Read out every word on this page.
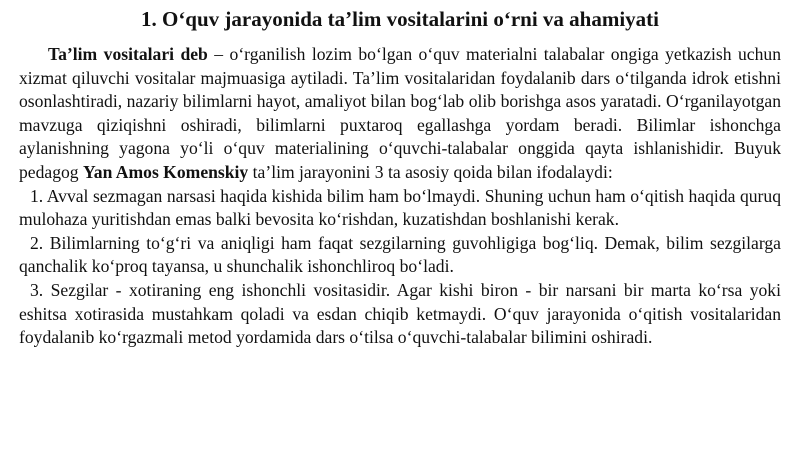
1. O‘quv jarayonida ta’lim vositalarini o‘rni va ahamiyati

Ta’lim vositalari deb – o‘rganilish lozim bo‘lgan o‘quv materialni talabalar ongiga yetkazish uchun xizmat qiluvchi vositalar majmuasiga aytiladi. Ta’lim vositalaridan foydalanib dars o‘tilganda idrok etishni osonlashtiradi, nazariy bilimlarni hayot, amaliyot bilan bog‘lab olib borishga asos yaratadi. O‘rganilayotgan mavzuga qiziqishni oshiradi, bilimlarni puxtaroq egallashga yordam beradi. Bilimlar ishonchga aylanishning yagona yo‘li o‘quv materialining o‘quvchi-talabalar onggida qayta ishlanishidir. Buyuk pedagog Yan Amos Komenskiy ta’lim jarayonini 3 ta asosiy qoida bilan ifodalaydi:

1. Avval sezmagan narsasi haqida kishida bilim ham bo‘lmaydi. Shuning uchun ham o‘qitish haqida quruq mulohaza yuritishdan emas balki bevosita ko‘rishdan, kuzatishdan boshlanishi kerak.

2. Bilimlarning to‘g‘ri va aniqligi ham faqat sezgilarning guvohligiga bog‘liq. Demak, bilim sezgilarga qanchalik ko‘proq tayansa, u shunchalik ishonchliroq bo‘ladi.

3. Sezgilar - xotiraning eng ishonchli vositasidir. Agar kishi biron - bir narsani bir marta ko‘rsa yoki eshitsa xotirasida mustahkam qoladi va esdan chiqib ketmaydi. O‘quv jarayonida o‘qitish vositalaridan foydalanib ko‘rgazmali metod yordamida dars o‘tilsa o‘quvchi-talabalar bilimini oshiradi.
